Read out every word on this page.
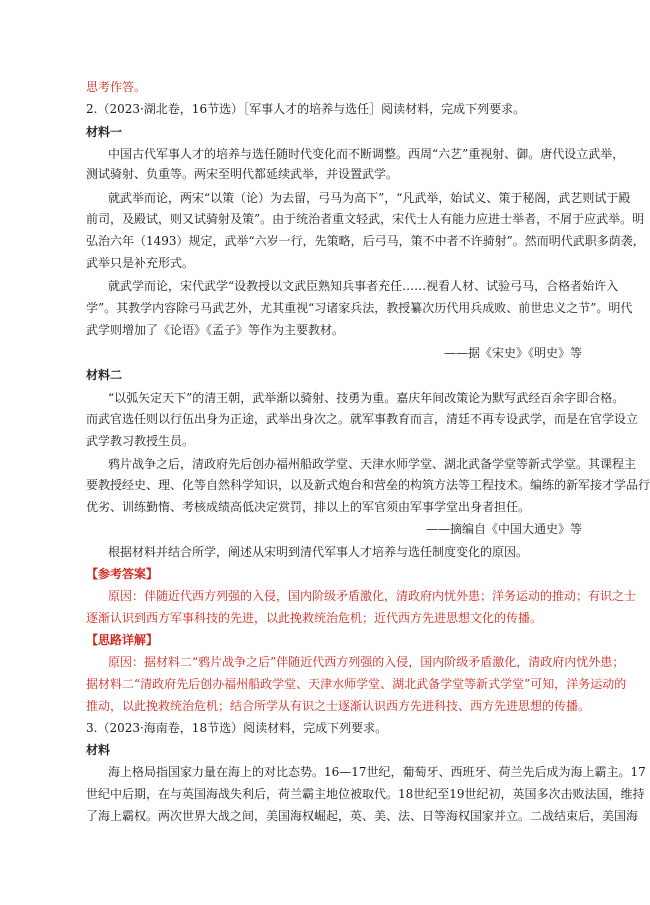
思考作答。
2.（2023·湖北卷，16节选）［军事人才的培养与选任］阅读材料，完成下列要求。
材料一
中国古代军事人才的培养与选任随时代变化而不断调整。西周“六艺”重视射、御。唐代设立武举，
测试骑射、负重等。两宋至明代都延续武举，并设置武学。
就武举而论，两宋“以策（论）为去留，弓马为高下”，“凡武举，始试义、策于秘阁，武艺则试于殿
前司，及殿试，则又试骑射及策”。由于统治者重文轻武，宋代士人有能力应进士举者，不屑于应武举。明
弘治六年（1493）规定，武举“六岁一行，先策略，后弓马，策不中者不许骑射”。然而明代武职多荫袭，
武举只是补充形式。
就武学而论，宋代武学“设教授以文武臣熟知兵事者充任……视看人材、试验弓马，合格者始许入
学”。其教学内容除弓马武艺外，尤其重视“习诸家兵法，教授纂次历代用兵成败、前世忠义之节”。明代
武学则增加了《论语》《孟子》等作为主要教材。
——据《宋史》《明史》等
材料二
“以弧矢定天下”的清王朝，武举渐以骑射、技勇为重。嘉庆年间改策论为默写武经百余字即合格。
而武官选任则以行伍出身为正途，武举出身次之。就军事教育而言，清廷不再专设武学，而是在官学设立
武学教习教授生员。
鸦片战争之后，清政府先后创办福州船政学堂、天津水师学堂、湖北武备学堂等新式学堂。其课程主
要教授经史、理、化等自然科学知识，以及新式炮台和营垒的构筑方法等工程技术。编练的新军接才学品行
优劣、训练勤惰、考核成绩高低决定赏罚，排以上的军官须由军事学堂出身者担任。
——摘编自《中国大通史》等
根据材料并结合所学，阐述从宋明到清代军事人才培养与选任制度变化的原因。
【参考答案】
原因：伴随近代西方列强的入侵，国内阶级矛盾激化，清政府内忧外患；洋务运动的推动；有识之士
逐渐认识到西方军事科技的先进，以此挽救统治危机；近代西方先进思想文化的传播。
【思路详解】
原因：据材料二“鸦片战争之后”伴随近代西方列强的入侵，国内阶级矛盾激化，清政府内忧外患；
据材料二“清政府先后创办福州船政学堂、天津水师学堂、湖北武备学堂等新式学堂”可知，洋务运动的
推动，以此挽救统治危机；结合所学从有识之士逐渐认识西方先进科技、西方先进思想的传播。
3.（2023·海南卷，18节选）阅读材料，完成下列要求。
材料
海上格局指国家力量在海上的对比态势。16—17世纪，葡萄牙、西班牙、荷兰先后成为海上霸主。17
世纪中后期，在与英国海战失利后，荷兰霸主地位被取代。18世纪至19世纪初，英国多次击败法国，维持
了海上霸权。两次世界大战之间，美国海权崛起，英、美、法、日等海权国家并立。二战结束后，美国海
